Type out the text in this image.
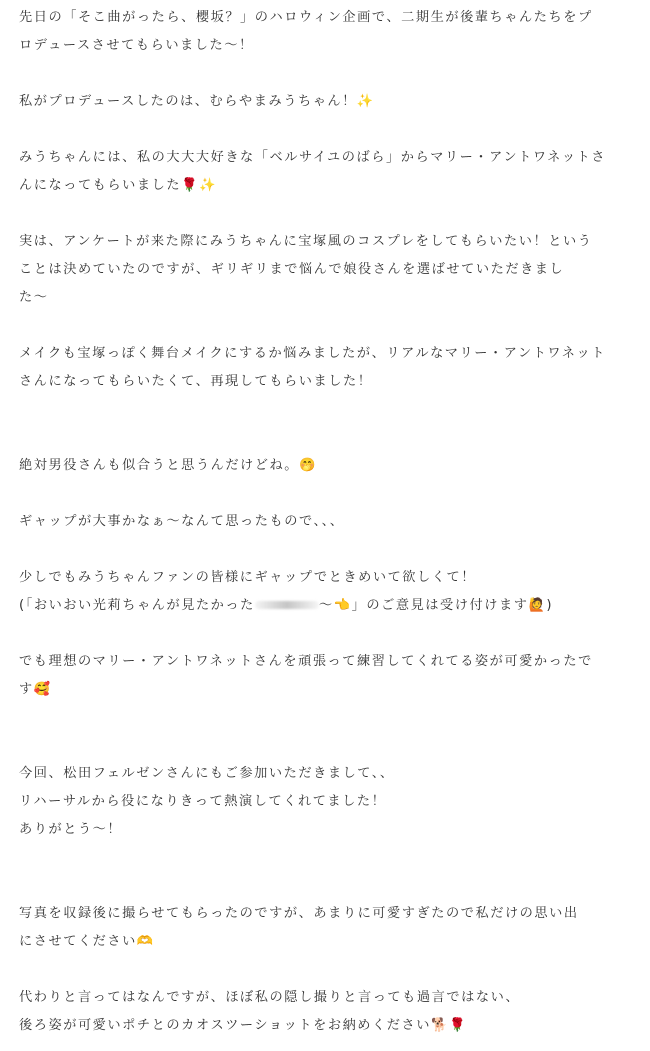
先日の「そこ曲がったら、櫻坂？」のハロウィン企画で、二期生が後輩ちゃんたちをプ
ロデュースさせてもらいました〜！

私がプロデュースしたのは、むらやまみうちゃん！✨

みうちゃんには、私の大大大好きな「ベルサイユのばら」からマリー・アントワネットさ
んになってもらいました🌹✨

実は、アンケートが来た際にみうちゃんに宝塚風のコスプレをしてもらいたい！という
ことは決めていたのですが、ギリギリまで悩んで娘役さんを選ばせていただきまし
た〜

メイクも宝塚っぽく舞台メイクにするか悩みましたが、リアルなマリー・アントワネット
さんになってもらいたくて、再現してもらいました！

絶対男役さんも似合うと思うんだけどね。🤭

ギャップが大事かなぁ〜なんて思ったもので、、、

少しでもみうちゃんファンの皆様にギャップでときめいて欲しくて！
(「おいおい光莉ちゃんが見たかった	〜👈」のご意見は受け付けます🙋)

でも理想のマリー・アントワネットさんを頑張って練習してくれてる姿が可愛かったで
す🥰

今回、松田フェルゼンさんにもご参加いただきまして、、
リハーサルから役になりきって熱演してくれてました！
ありがとう〜！

写真を収録後に撮らせてもらったのですが、あまりに可愛すぎたので私だけの思い出
にさせてください🫶

代わりと言ってはなんですが、ほぼ私の隠し撮りと言っても過言ではない、
後ろ姿が可愛いポチとのカオスツーショットをお納めください🐕🌹
